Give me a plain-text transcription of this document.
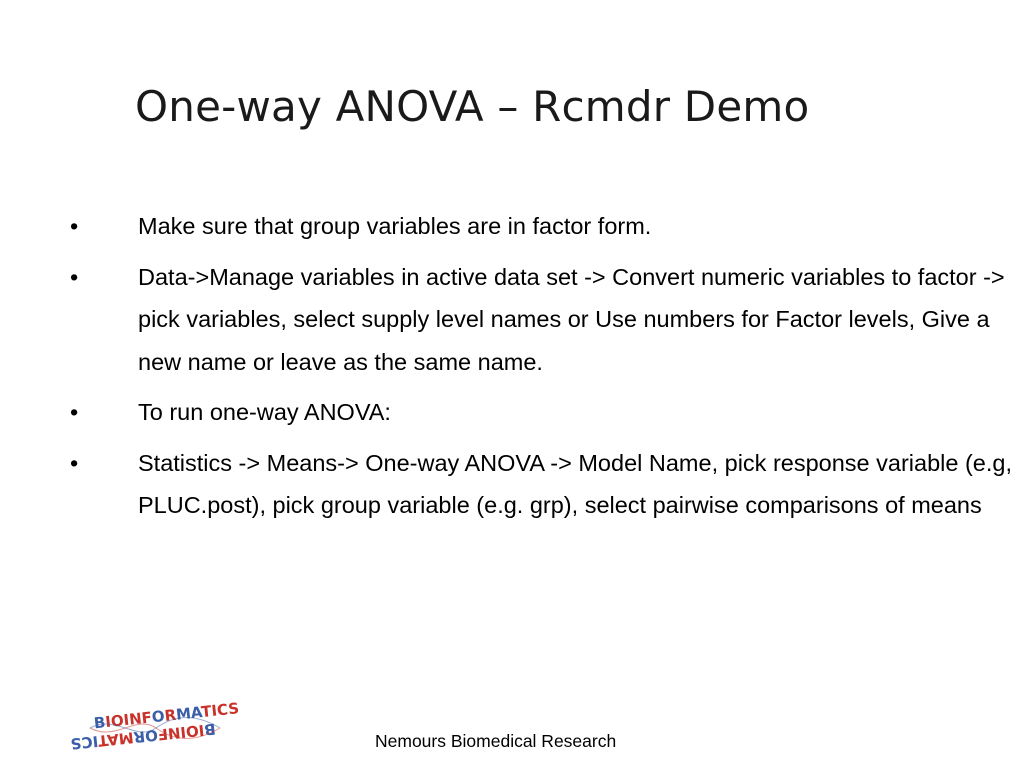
One-way ANOVA – Rcmdr Demo
•	Make sure that group variables are in factor form.
•	Data->Manage variables in active data set -> Convert numeric variables to factor -> pick variables, select supply level names or Use numbers for Factor levels, Give a new name or leave as the same name.
•	To run one-way ANOVA:
•	Statistics -> Means-> One-way ANOVA -> Model Name, pick response variable (e.g, PLUC.post), pick group variable (e.g. grp), select pairwise comparisons of means
BIOINFORMATICS
BIOINFORMATICS	Nemours Biomedical Research
